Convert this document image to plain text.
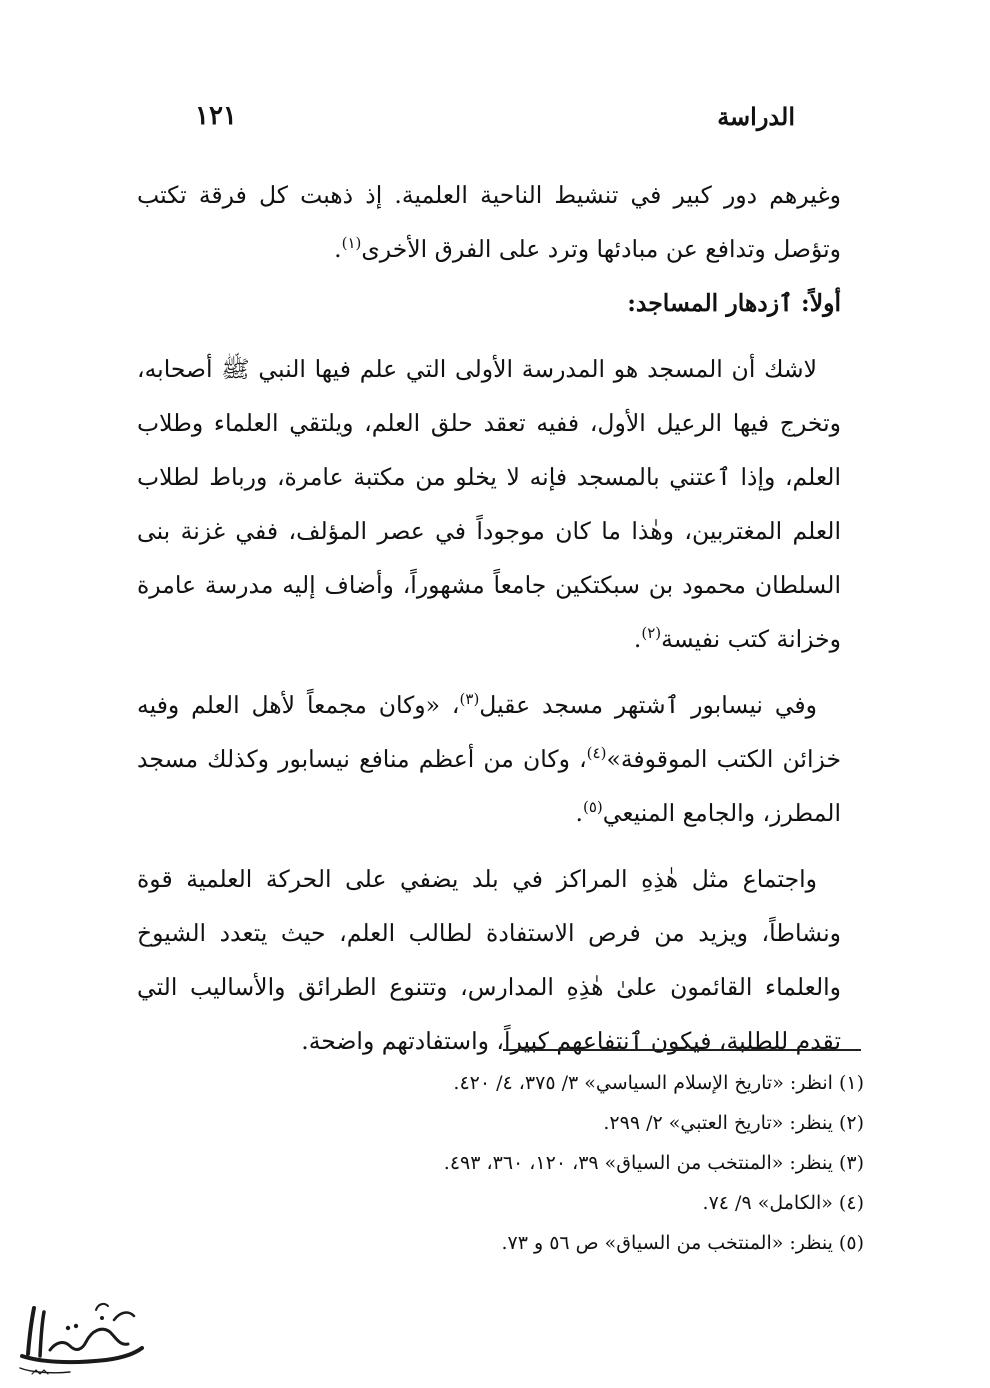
الدراسة
١٢١

وغيرهم دور كبير في تنشيط الناحية العلمية. إذ ذهبت كل فرقة تكتب وتؤصل وتدافع عن مبادئها وترد على الفرق الأخرى$^{(١)}$.

أولاً: ٱزدهار المساجد:

لاشك أن المسجد هو المدرسة الأولى التي علم فيها النبي ﷺ أصحابه، وتخرج فيها الرعيل الأول، ففيه تعقد حلق العلم، ويلتقي العلماء وطلاب العلم، وإذا ٱعتني بالمسجد فإنه لا يخلو من مكتبة عامرة، ورباط لطلاب العلم المغتربين، وهٰذا ما كان موجوداً في عصر المؤلف، ففي غزنة بنى السلطان محمود بن سبكتكين جامعاً مشهوراً، وأضاف إليه مدرسة عامرة وخزانة كتب نفيسة$^{(٢)}$.

وفي نيسابور ٱشتهر مسجد عقيل$^{(٣)}$، «وكان مجمعاً لأهل العلم وفيه خزائن الكتب الموقوفة»$^{(٤)}$، وكان من أعظم منافع نيسابور وكذلك مسجد المطرز، والجامع المنيعي$^{(٥)}$.

واجتماع مثل هٰذِهِ المراكز في بلد يضفي على الحركة العلمية قوة ونشاطاً، ويزيد من فرص الاستفادة لطالب العلم، حيث يتعدد الشيوخ والعلماء القائمون علىٰ هٰذِهِ المدارس، وتتنوع الطرائق والأساليب التي تقدم للطلبة، فيكون ٱنتفاعهم كبيراً، واستفادتهم واضحة.

(١) انظر: «تاريخ الإسلام السياسي» ٣/ ٣٧٥، ٤/ ٤٢٠.
(٢) ينظر: «تاريخ العتبي» ٢/ ٢٩٩.
(٣) ينظر: «المنتخب من السياق» ٣٩، ١٢٠، ٣٦٠، ٤٩٣.
(٤) «الكامل» ٩/ ٧٤.
(٥) ينظر: «المنتخب من السياق» ص ٥٦ و ٧٣.
